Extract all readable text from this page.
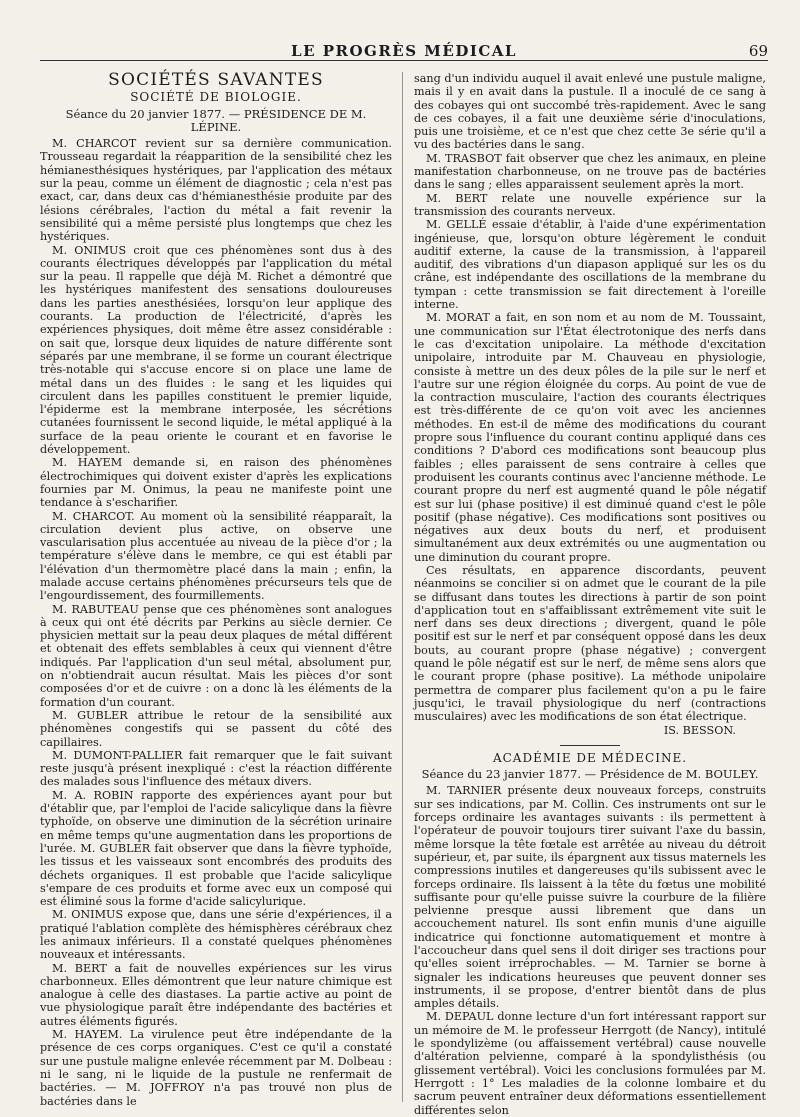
LE PROGRÈS MÉDICAL	69
SOCIÉTÉS SAVANTES
SOCIÉTÉ DE BIOLOGIE.
Séance du 20 janvier 1877. — PRÉSIDENCE DE M. LÉPINE.

M. CHARCOT revient sur sa dernière communication. Trousseau regardait la réapparition de la sensibilité chez les hémianesthésiques hystériques, par l'application des métaux sur la peau, comme un élément de diagnostic ; cela n'est pas exact, car, dans deux cas d'hémianesthésie produite par des lésions cérébrales, l'action du métal a fait revenir la sensibilité qui a même persisté plus longtemps que chez les hystériques.

M. ONIMUS croit que ces phénomènes sont dus à des courants électriques développés par l'application du métal sur la peau. Il rappelle que déjà M. Richet a démontré que les hystériques manifestent des sensations douloureuses dans les parties anesthésiées, lorsqu'on leur applique des courants. La production de l'électricité, d'après les expériences physiques, doit même être assez considérable : on sait que, lorsque deux liquides de nature différente sont séparés par une membrane, il se forme un courant électrique très-notable qui s'accuse encore si on place une lame de métal dans un des fluides : le sang et les liquides qui circulent dans les papilles constituent le premier liquide, l'épiderme est la membrane interposée, les sécrétions cutanées fournissent le second liquide, le métal appliqué à la surface de la peau oriente le courant et en favorise le développement.

M. HAYEM demande si, en raison des phénomènes électrochimiques qui doivent exister d'après les explications fournies par M. Onimus, la peau ne manifeste point une tendance à s'escharifier.

M. CHARCOT. Au moment où la sensibilité réapparaît, la circulation devient plus active, on observe une vascularisation plus accentuée au niveau de la pièce d'or ; la température s'élève dans le membre, ce qui est établi par l'élévation d'un thermomètre placé dans la main ; enfin, la malade accuse certains phénomènes précurseurs tels que de l'engourdissement, des fourmillements.

M. RABUTEAU pense que ces phénomènes sont analogues à ceux qui ont été décrits par Perkins au siècle dernier. Ce physicien mettait sur la peau deux plaques de métal différent et obtenait des effets semblables à ceux qui viennent d'être indiqués. Par l'application d'un seul métal, absolument pur, on n'obtiendrait aucun résultat. Mais les pièces d'or sont composées d'or et de cuivre : on a donc là les éléments de la formation d'un courant.

M. GUBLER attribue le retour de la sensibilité aux phénomènes congestifs qui se passent du côté des capillaires.

M. DUMONT-PALLIER fait remarquer que le fait suivant reste jusqu'à présent inexpliqué : c'est la réaction différente des malades sous l'influence des métaux divers.

M. A. ROBIN rapporte des expériences ayant pour but d'établir que, par l'emploi de l'acide salicylique dans la fièvre typhoïde, on observe une diminution de la sécrétion urinaire en même temps qu'une augmentation dans les proportions de l'urée. M. GUBLER fait observer que dans la fièvre typhoïde, les tissus et les vaisseaux sont encombrés des produits des déchets organiques. Il est probable que l'acide salicylique s'empare de ces produits et forme avec eux un composé qui est éliminé sous la forme d'acide salicylurique.

M. ONIMUS expose que, dans une série d'expériences, il a pratiqué l'ablation complète des hémisphères cérébraux chez les animaux inférieurs. Il a constaté quelques phénomènes nouveaux et intéressants.

M. BERT a fait de nouvelles expériences sur les virus charbonneux. Elles démontrent que leur nature chimique est analogue à celle des diastases. La partie active au point de vue physiologique paraît être indépendante des bactéries et autres éléments figurés.

M. HAYEM. La virulence peut être indépendante de la présence de ces corps organiques. C'est ce qu'il a constaté sur une pustule maligne enlevée récemment par M. Dolbeau : ni le sang, ni le liquide de la pustule ne renfermait de bactéries. — M. JOFFROY n'a pas trouvé non plus de bactéries dans le

sang d'un individu auquel il avait enlevé une pustule maligne, mais il y en avait dans la pustule. Il a inoculé de ce sang à des cobayes qui ont succombé très-rapidement. Avec le sang de ces cobayes, il a fait une deuxième série d'inoculations, puis une troisième, et ce n'est que chez cette 3e série qu'il a vu des bactéries dans le sang.

M. TRASBOT fait observer que chez les animaux, en pleine manifestation charbonneuse, on ne trouve pas de bactéries dans le sang ; elles apparaissent seulement après la mort.

M. BERT relate une nouvelle expérience sur la transmission des courants nerveux.

M. GELLÉ essaie d'établir, à l'aide d'une expérimentation ingénieuse, que, lorsqu'on obture légèrement le conduit auditif externe, la cause de la transmission, à l'appareil auditif, des vibrations d'un diapason appliqué sur les os du crâne, est indépendante des oscillations de la membrane du tympan : cette transmission se fait directement à l'oreille interne.

M. MORAT a fait, en son nom et au nom de M. Toussaint, une communication sur l'État électrotonique des nerfs dans le cas d'excitation unipolaire. La méthode d'excitation unipolaire, introduite par M. Chauveau en physiologie, consiste à mettre un des deux pôles de la pile sur le nerf et l'autre sur une région éloignée du corps. Au point de vue de la contraction musculaire, l'action des courants électriques est très-différente de ce qu'on voit avec les anciennes méthodes. En est-il de même des modifications du courant propre sous l'influence du courant continu appliqué dans ces conditions ? D'abord ces modifications sont beaucoup plus faibles ; elles paraissent de sens contraire à celles que produisent les courants continus avec l'ancienne méthode. Le courant propre du nerf est augmenté quand le pôle négatif est sur lui (phase positive) il est diminué quand c'est le pôle positif (phase négative). Ces modifications sont positives ou négatives aux deux bouts du nerf, et produisent simultanément aux deux extrémités ou une augmentation ou une diminution du courant propre.

Ces résultats, en apparence discordants, peuvent néanmoins se concilier si on admet que le courant de la pile se diffusant dans toutes les directions à partir de son point d'application tout en s'affaiblissant extrêmement vite suit le nerf dans ses deux directions ; divergent, quand le pôle positif est sur le nerf et par conséquent opposé dans les deux bouts, au courant propre (phase négative) ; convergent quand le pôle négatif est sur le nerf, de même sens alors que le courant propre (phase positive). La méthode unipolaire permettra de comparer plus facilement qu'on a pu le faire jusqu'ici, le travail physiologique du nerf (contractions musculaires) avec les modifications de son état électrique.

IS. BESSON.

ACADÉMIE DE MÉDECINE.
Séance du 23 janvier 1877. — Présidence de M. BOULEY.

M. TARNIER présente deux nouveaux forceps, construits sur ses indications, par M. Collin. Ces instruments ont sur le forceps ordinaire les avantages suivants : ils permettent à l'opérateur de pouvoir toujours tirer suivant l'axe du bassin, même lorsque la tête fœtale est arrêtée au niveau du détroit supérieur, et, par suite, ils épargnent aux tissus maternels les compressions inutiles et dangereuses qu'ils subissent avec le forceps ordinaire. Ils laissent à la tête du fœtus une mobilité suffisante pour qu'elle puisse suivre la courbure de la filière pelvienne presque aussi librement que dans un accouchement naturel. Ils sont enfin munis d'une aiguille indicatrice qui fonctionne automatiquement et montre à l'accoucheur dans quel sens il doit diriger ses tractions pour qu'elles soient irréprochables. — M. Tarnier se borne à signaler les indications heureuses que peuvent donner ses instruments, il se propose, d'entrer bientôt dans de plus amples détails.

M. DEPAUL donne lecture d'un fort intéressant rapport sur un mémoire de M. le professeur Herrgott (de Nancy), intitulé le spondylizème (ou affaissement vertébral) cause nouvelle d'altération pelvienne, comparé à la spondylisthésis (ou glissement vertébral). Voici les conclusions formulées par M. Herrgott : 1° Les maladies de la colonne lombaire et du sacrum peuvent entraîner deux déformations essentiellement différentes selon
